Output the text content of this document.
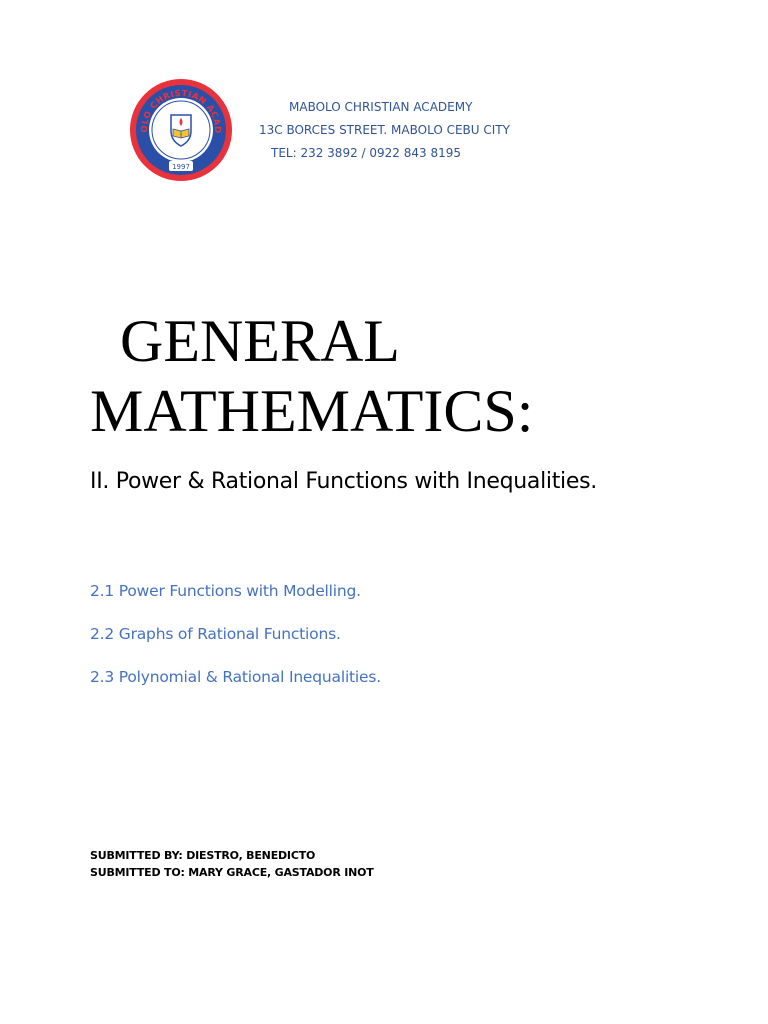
OLO CHRISTIAN ACAD
1997
MABOLO CHRISTIAN ACADEMY
13C BORCES STREET. MABOLO CEBU CITY
TEL: 232 3892 / 0922 843 8195
GENERAL
MATHEMATICS:
II. Power & Rational Functions with Inequalities.
2.1 Power Functions with Modelling.
2.2 Graphs of Rational Functions.
2.3 Polynomial & Rational Inequalities.
SUBMITTED BY: DIESTRO, BENEDICTO
SUBMITTED TO: MARY GRACE, GASTADOR INOT
